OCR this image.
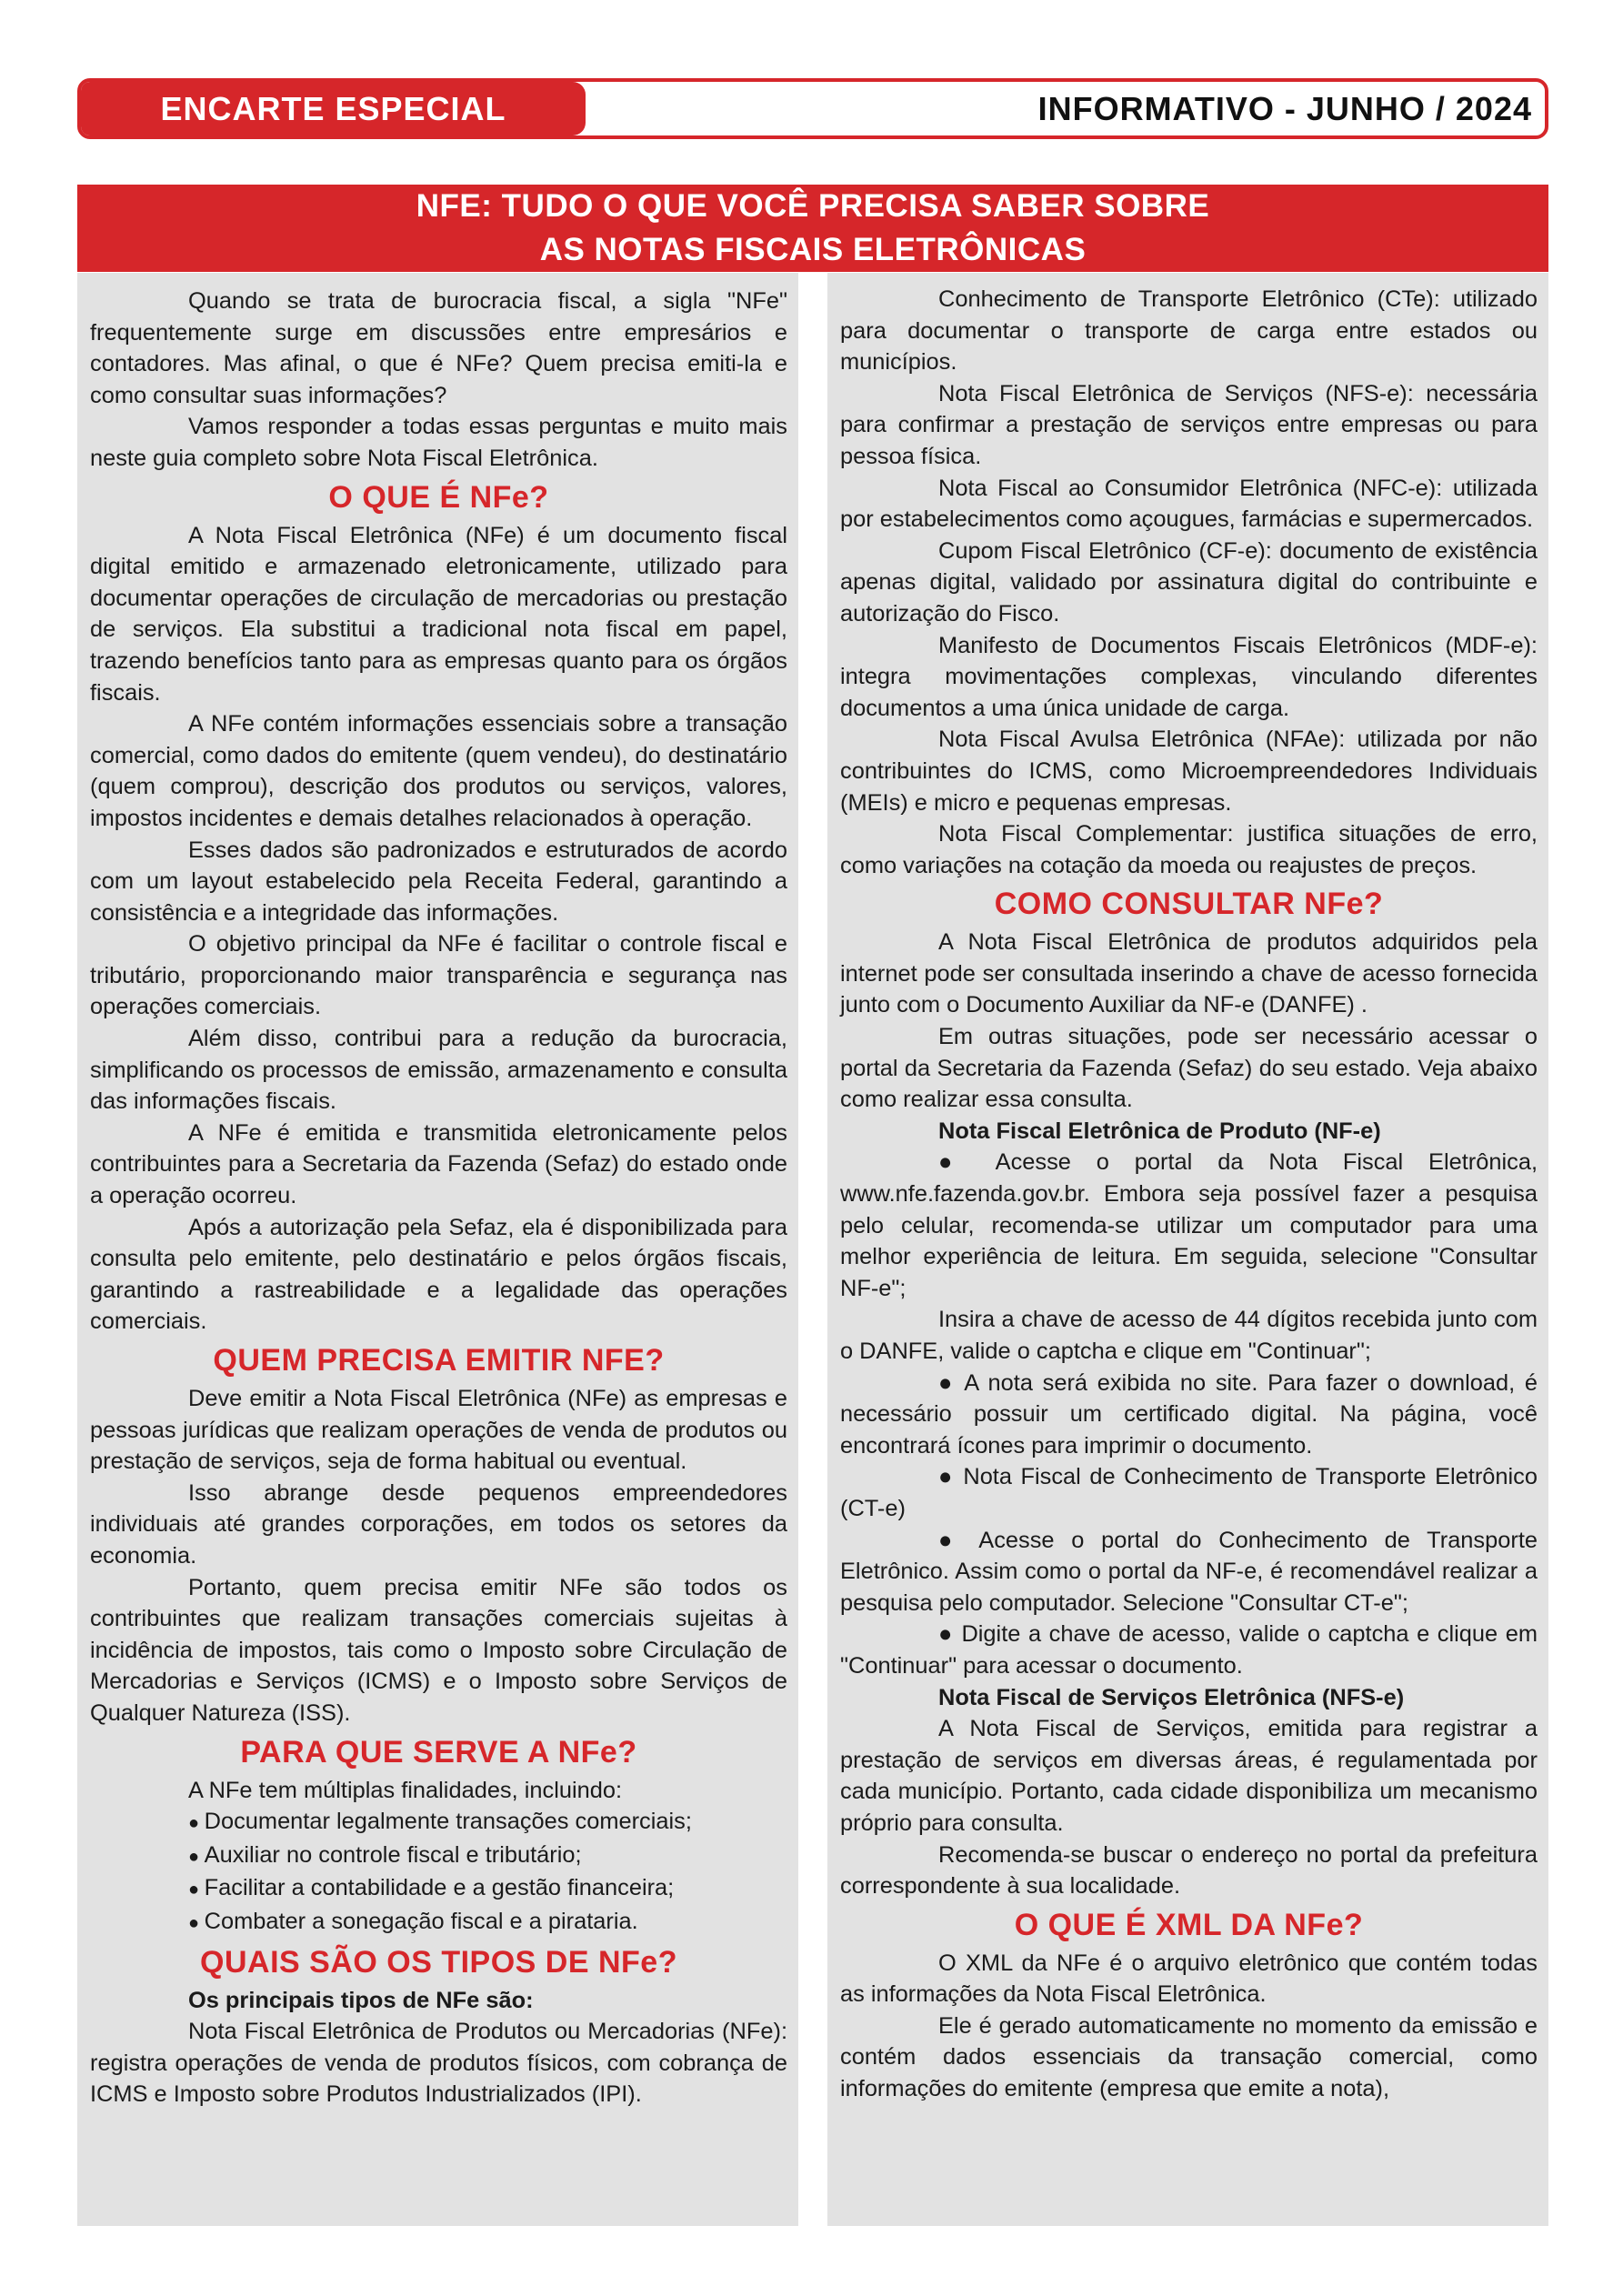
ENCARTE ESPECIAL	INFORMATIVO - JUNHO / 2024
NFE: TUDO O QUE VOCÊ PRECISA SABER SOBRE
AS NOTAS FISCAIS ELETRÔNICAS

Quando se trata de burocracia fiscal, a sigla "NFe" frequentemente surge em discussões entre empresários e contadores. Mas afinal, o que é NFe? Quem precisa emiti-la e como consultar suas informações?

Vamos responder a todas essas perguntas e muito mais neste guia completo sobre Nota Fiscal Eletrônica.

O QUE É NFe?

A Nota Fiscal Eletrônica (NFe) é um documento fiscal digital emitido e armazenado eletronicamente, utilizado para documentar operações de circulação de mercadorias ou prestação de serviços. Ela substitui a tradicional nota fiscal em papel, trazendo benefícios tanto para as empresas quanto para os órgãos fiscais.

A NFe contém informações essenciais sobre a transação comercial, como dados do emitente (quem vendeu), do destinatário (quem comprou), descrição dos produtos ou serviços, valores, impostos incidentes e demais detalhes relacionados à operação.

Esses dados são padronizados e estruturados de acordo com um layout estabelecido pela Receita Federal, garantindo a consistência e a integridade das informações.

O objetivo principal da NFe é facilitar o controle fiscal e tributário, proporcionando maior transparência e segurança nas operações comerciais.

Além disso, contribui para a redução da burocracia, simplificando os processos de emissão, armazenamento e consulta das informações fiscais.

A NFe é emitida e transmitida eletronicamente pelos contribuintes para a Secretaria da Fazenda (Sefaz) do estado onde a operação ocorreu.

Após a autorização pela Sefaz, ela é disponibilizada para consulta pelo emitente, pelo destinatário e pelos órgãos fiscais, garantindo a rastreabilidade e a legalidade das operações comerciais.

QUEM PRECISA EMITIR NFE?

Deve emitir a Nota Fiscal Eletrônica (NFe) as empresas e pessoas jurídicas que realizam operações de venda de produtos ou prestação de serviços, seja de forma habitual ou eventual.

Isso abrange desde pequenos empreendedores individuais até grandes corporações, em todos os setores da economia.

Portanto, quem precisa emitir NFe são todos os contribuintes que realizam transações comerciais sujeitas à incidência de impostos, tais como o Imposto sobre Circulação de Mercadorias e Serviços (ICMS) e o Imposto sobre Serviços de Qualquer Natureza (ISS).

PARA QUE SERVE A NFe?

A NFe tem múltiplas finalidades, incluindo:

● Documentar legalmente transações comerciais;
● Auxiliar no controle fiscal e tributário;
● Facilitar a contabilidade e a gestão financeira;
● Combater a sonegação fiscal e a pirataria.
QUAIS SÃO OS TIPOS DE NFe?

Os principais tipos de NFe são:

Nota Fiscal Eletrônica de Produtos ou Mercadorias (NFe): registra operações de venda de produtos físicos, com cobrança de ICMS e Imposto sobre Produtos Industrializados (IPI).

Conhecimento de Transporte Eletrônico (CTe): utilizado para documentar o transporte de carga entre estados ou municípios.

Nota Fiscal Eletrônica de Serviços (NFS-e): necessária para confirmar a prestação de serviços entre empresas ou para pessoa física.

Nota Fiscal ao Consumidor Eletrônica (NFC-e): utilizada por estabelecimentos como açougues, farmácias e supermercados.

Cupom Fiscal Eletrônico (CF-e): documento de existência apenas digital, validado por assinatura digital do contribuinte e autorização do Fisco.

Manifesto de Documentos Fiscais Eletrônicos (MDF-e): integra movimentações complexas, vinculando diferentes documentos a uma única unidade de carga.

Nota Fiscal Avulsa Eletrônica (NFAe): utilizada por não contribuintes do ICMS, como Microempreendedores Individuais (MEIs) e micro e pequenas empresas.

Nota Fiscal Complementar: justifica situações de erro, como variações na cotação da moeda ou reajustes de preços.

COMO CONSULTAR NFe?

A Nota Fiscal Eletrônica de produtos adquiridos pela internet pode ser consultada inserindo a chave de acesso fornecida junto com o Documento Auxiliar da NF-e (DANFE) .

Em outras situações, pode ser necessário acessar o portal da Secretaria da Fazenda (Sefaz) do seu estado. Veja abaixo como realizar essa consulta.

Nota Fiscal Eletrônica de Produto (NF-e)

● Acesse o portal da Nota Fiscal Eletrônica, www.nfe.fazenda.gov.br. Embora seja possível fazer a pesquisa pelo celular, recomenda-se utilizar um computador para uma melhor experiência de leitura. Em seguida, selecione "Consultar NF-e";

Insira a chave de acesso de 44 dígitos recebida junto com o DANFE, valide o captcha e clique em "Continuar";

● A nota será exibida no site. Para fazer o download, é necessário possuir um certificado digital. Na página, você encontrará ícones para imprimir o documento.

● Nota Fiscal de Conhecimento de Transporte Eletrônico (CT-e)

● Acesse o portal do Conhecimento de Transporte Eletrônico. Assim como o portal da NF-e, é recomendável realizar a pesquisa pelo computador. Selecione "Consultar CT-e";

● Digite a chave de acesso, valide o captcha e clique em "Continuar" para acessar o documento.

Nota Fiscal de Serviços Eletrônica (NFS-e)

A Nota Fiscal de Serviços, emitida para registrar a prestação de serviços em diversas áreas, é regulamentada por cada município. Portanto, cada cidade disponibiliza um mecanismo próprio para consulta.

Recomenda-se buscar o endereço no portal da prefeitura correspondente à sua localidade.

O QUE É XML DA NFe?

O XML da NFe é o arquivo eletrônico que contém todas as informações da Nota Fiscal Eletrônica.

Ele é gerado automaticamente no momento da emissão e contém dados essenciais da transação comercial, como informações do emitente (empresa que emite a nota),
